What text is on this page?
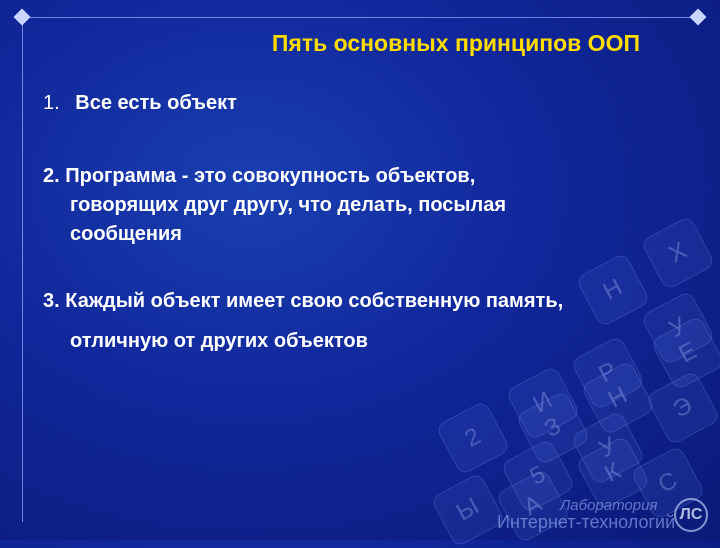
Х
Н
У
Е
Р
Н	Э
И
З
2	У
5	К	С
А
Ы
Пять основных принципов ООП
1. Все есть объект
2. Программа - это совокупность объектов,
говорящих друг другу, что делать, посылая
сообщения
3. Каждый объект имеет свою собственную память,
отличную от других объектов
Лаборатория
Интернет-технологий ЛС
